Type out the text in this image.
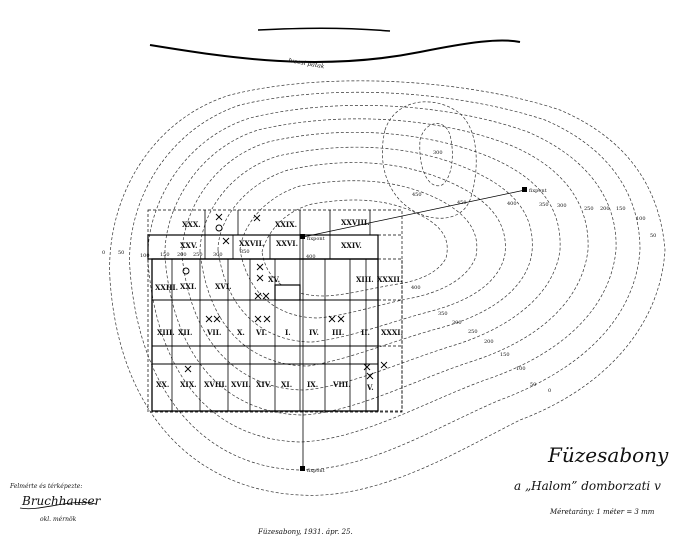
Ivecsi patak
0	50	100 150 200 250 300	350
400
450
450	400	350 300	250 200 150
100
50
400
350
300
250
200
150
100
50
0
300
fixpont
fixpont
fixpont
XXX.	XXIX.	XXVIII.
XXV.	XXVII. XXVI.	XXIV.
XXIII. XXI.	XVI.
XV.	XIII. XXXII.
XIII. XII. VII. X. VI.	I.	IV. III. II. XXXI.
XX. XIX. XVIII. XVII. XIV. XI. IX. VIII. V.
Füzesabony
a „Halom” domborzati v
Méretarány: 1 méter = 3 mm
Felmérte és térképezte:
Bruchhauser
okl. mérnök
Füzesabony, 1931. ápr. 25.
